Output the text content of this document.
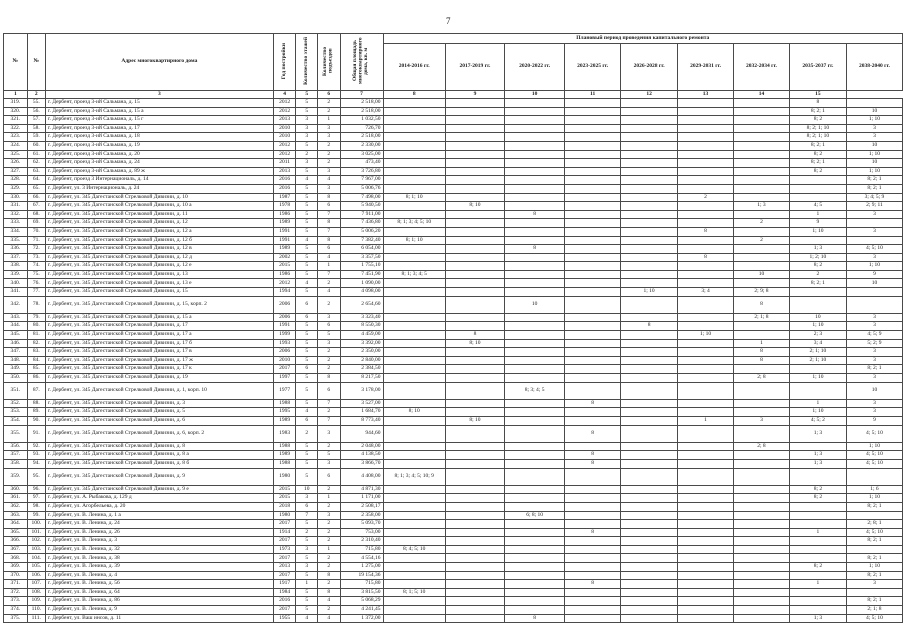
7
№	№	Адрес многоквартирного дома	Год постройки	Количество этажей	Количество подъездов	Общая площадь многоквартирного дома, кв. м	Плановый период проведения капитального ремонта								
							2014-2016 гг.	2017-2019 гг.	2020-2022 гг.	2023-2025 гг.	2026-2028 гг.	2029-2031 гг.	2032-2034 гг.	2035-2037 гг.	2038-2040 гг.
1	2	3	4	5	6	7	8	9	10	11	12	13	14	15	
319.	55.	г. Дербент, проезд 3-ий Сальмана, д. 15	2012	5	2	2 518,00								8	
320.	56.	г. Дербент, проезд 3-ий Сальмана, д. 15 а	2012	5	2	2 518,00								8; 2; 1	10
321.	57.	г. Дербент, проезд 3-ий Сальмана, д. 15 г	2013	3	1	1 032,50								8; 2	1; 10
322.	58.	г. Дербент, проезд 3-ий Сальмана, д. 17	2010	3	3	726,70								8; 2; 1; 10	3
323.	59.	г. Дербент, проезд 3-ий Сальмана, д. 18	2010	3	3	2 518,00								8; 2; 1; 10	3
324.	60.	г. Дербент, проезд 3-ий Сальмана, д. 19	2012	5	2	2 330,00								8; 2; 1	10
325.	61.	г. Дербент, проезд 3-ий Сальмана, д. 20	2012	2	2	3 025,00								8; 2	1; 10
326.	62.	г. Дербент, проезд 3-ий Сальмана, д. 24	2011	3	2	473,40								8; 2; 1	10
327.	63.	г. Дербент, проезд 3-ий Сальмана, д. 89 ж	2013	5	3	3 726,80								8; 2	1; 10
328.	64.	г. Дербент, проезд 3 Интернациональ, д. 14	2016	4	4	7 967,00									8; 2; 1
329.	65.	г. Дербент, ул. 3 Интернациональ, д. 24	2016	5	3	5 006,76									8; 2; 1
330.	66.	г. Дербент, ул. 345 Дагестанской Стрелковой Дивизии, д. 10	1987	5	8	7 498,00	8; 1; 10					2			3; 4; 5; 9
331.	67.	г. Дербент, ул. 345 Дагестанской Стрелковой Дивизии, д. 10 а	1978	5	6	5 940,50		8; 10					1; 3	4; 5	2; 9; 11
332.	68.	г. Дербент, ул. 345 Дагестанской Стрелковой Дивизии, д. 11	1986	5	7	7 911,00			8					1	3
333.	69.	г. Дербент, ул. 345 Дагестанской Стрелковой Дивизии, д. 12	1989	5	8	7 436,80	8; 1; 3; 4; 5; 10						2	9	
334.	70.	г. Дербент, ул. 345 Дагестанской Стрелковой Дивизии, д. 12 а	1991	5	7	5 006,20						8		1; 10	3
335.	71.	г. Дербент, ул. 345 Дагестанской Стрелковой Дивизии, д. 12 б	1991	4	8	7 382,40	8; 1; 10						2		
336.	72.	г. Дербент, ул. 345 Дагестанской Стрелковой Дивизии, д. 12 в	1989	5	6	6 054,00			8					1; 3	4; 5; 10
337.	73.	г. Дербент, ул. 345 Дагестанской Стрелковой Дивизии, д. 12 д	2002	5	4	3 357,50						8		1; 2; 10	3
338.	74.	г. Дербент, ул. 345 Дагестанской Стрелковой Дивизии, д. 12 е	2015	5	1	1 755,10								8; 2	1; 10
339.	75.	г. Дербент, ул. 345 Дагестанской Стрелковой Дивизии, д. 13	1986	5	7	7 451,90	8; 1; 3; 4; 5						10	2	9
340.	76.	г. Дербент, ул. 345 Дагестанской Стрелковой Дивизии, д. 13 е	2012	4	2	1 090,00								8; 2; 1	10
341.	77.	г. Дербент, ул. 345 Дагестанской Стрелковой Дивизии, д. 15	1994	5	4	4 098,00					1; 10	3; 4	2; 9; 8		
342.	78.	г. Дербент, ул. 345 Дагестанской Стрелковой Дивизии, д. 15, корп. 2	2006	6	2	2 654,60			10				8		
343.	79.	г. Дербент, ул. 345 Дагестанской Стрелковой Дивизии, д. 15 а	2006	6	3	3 323,40							2; 1; 8	10	3
344.	80.	г. Дербент, ул. 345 Дагестанской Стрелковой Дивизии, д. 17	1991	5	6	8 550,30					8			1; 10	3
345.	81.	г. Дербент, ул. 345 Дагестанской Стрелковой Дивизии, д. 17 а	1999	5	5	4 459,00		8				1; 10		2; 3	4; 5; 9
346.	82.	г. Дербент, ул. 345 Дагестанской Стрелковой Дивизии, д. 17 б	1993	5	3	3 392,00		8; 10					1	3; 4	5; 2; 9
347.	83.	г. Дербент, ул. 345 Дагестанской Стрелковой Дивизии, д. 17 в	2006	5	2	2 350,00							8	2; 1; 10	3
348.	84.	г. Дербент, ул. 345 Дагестанской Стрелковой Дивизии, д. 17 ж	2010	5	2	2 840,00							8	2; 1; 10	3
349.	85.	г. Дербент, ул. 345 Дагестанской Стрелковой Дивизии, д. 17 к	2017	6	2	2 384,50									8; 2; 1
350.	86.	г. Дербент, ул. 345 Дагестанской Стрелковой Дивизии, д. 19	1997	5	8	8 217,50							2; 8	1; 10	3
351.	87.	г. Дербент, ул. 345 Дагестанской Стрелковой Дивизии, д. 1, корп. 10	1977	5	6	3 178,00			8; 3; 4; 5						10
352.	88.	г. Дербент, ул. 345 Дагестанской Стрелковой Дивизии, д. 3	1988	5	7	3 527,00				8				1	3
353.	89.	г. Дербент, ул. 345 Дагестанской Стрелковой Дивизии, д. 5	1995	4	2	1 684,70	8; 10							1; 10	3
354.	90.	г. Дербент, ул. 345 Дагестанской Стрелковой Дивизии, д. 6	1989	6	7	8 773,40		8; 10				1	3	4; 5; 2	9
355.	91.	г. Дербент, ул. 345 Дагестанской Стрелковой Дивизии, д. 6, корп. 2	1983	2	3	944,60				8				1; 3	4; 5; 10
356.	92.	г. Дербент, ул. 345 Дагестанской Стрелковой Дивизии, д. 8	1988	5	2	2 048,00							2; 8		1; 10
357.	93.	г. Дербент, ул. 345 Дагестанской Стрелковой Дивизии, д. 8 а	1989	5	5	4 138,50				8				1; 3	4; 5; 10
358.	94.	г. Дербент, ул. 345 Дагестанской Стрелковой Дивизии, д. 8 б	1988	5	3	3 866,70				8				1; 3	4; 5; 10
359.	95.	г. Дербент, ул. 345 Дагестанской Стрелковой Дивизии, д. 9	1980	5	6	4 408,00	8; 1; 3; 4; 5; 10; 9								
360.	96.	г. Дербент, ул. 345 Дагестанской Стрелковой Дивизии, д. 9 е	2015	10	2	4 871,30								8; 2	1; 6
361.	97.	г. Дербент, ул. А. Рыбакова, д. 129 д	2015	3	1	1 171,00								8; 2	1; 10
362.	98.	г. Дербент, ул. Агорбельева, д. 20	2018	6	2	2 508,17									8; 2; 1
363.	99.	г. Дербент, ул. В. Ленина, д. 1 а	1980	7	3	2 358,00			6; 8; 10						
364.	100.	г. Дербент, ул. В. Ленина, д. 24	2017	5	2	5 093,70									2; 8; 1
365.	101.	г. Дербент, ул. В. Ленина, д. 26	1914	2	2	753,00				8				1	4; 5; 10
366.	102.	г. Дербент, ул. В. Ленина, д. 3	2017	5	2	2 310,40									8; 2; 1
367.	103.	г. Дербент, ул. В. Ленина, д. 32	1973	3	1	715,80	8; 4; 5; 10								
368.	104.	г. Дербент, ул. В. Ленина, д. 38	2017	5	2	4 554,16									8; 2; 1
369.	105.	г. Дербент, ул. В. Ленина, д. 39	2013	3	2	1 275,00								8; 2	1; 10
370.	106.	г. Дербент, ул. В. Ленина, д. 4	2017	5	8	19 154,36									8; 2; 1
371.	107.	г. Дербент, ул. В. Ленина, д. 56	1917	1	2	715,80				8				1	3
372.	108.	г. Дербент, ул. В. Ленина, д. 64	1984	5	8	3 815,50	8; 1; 5; 10								
373.	109.	г. Дербент, ул. В. Ленина, д. 86	2016	5	4	5 068,29									8; 2; 1
374.	110.	г. Дербент, ул. В. Ленина, д. 9	2017	5	2	4 241,45									2; 1; 8
375.	111.	г. Дербент, ул. Ваш инсов, д. 11	1955	4	4	1 372,00			8					1; 3	4; 5; 10
